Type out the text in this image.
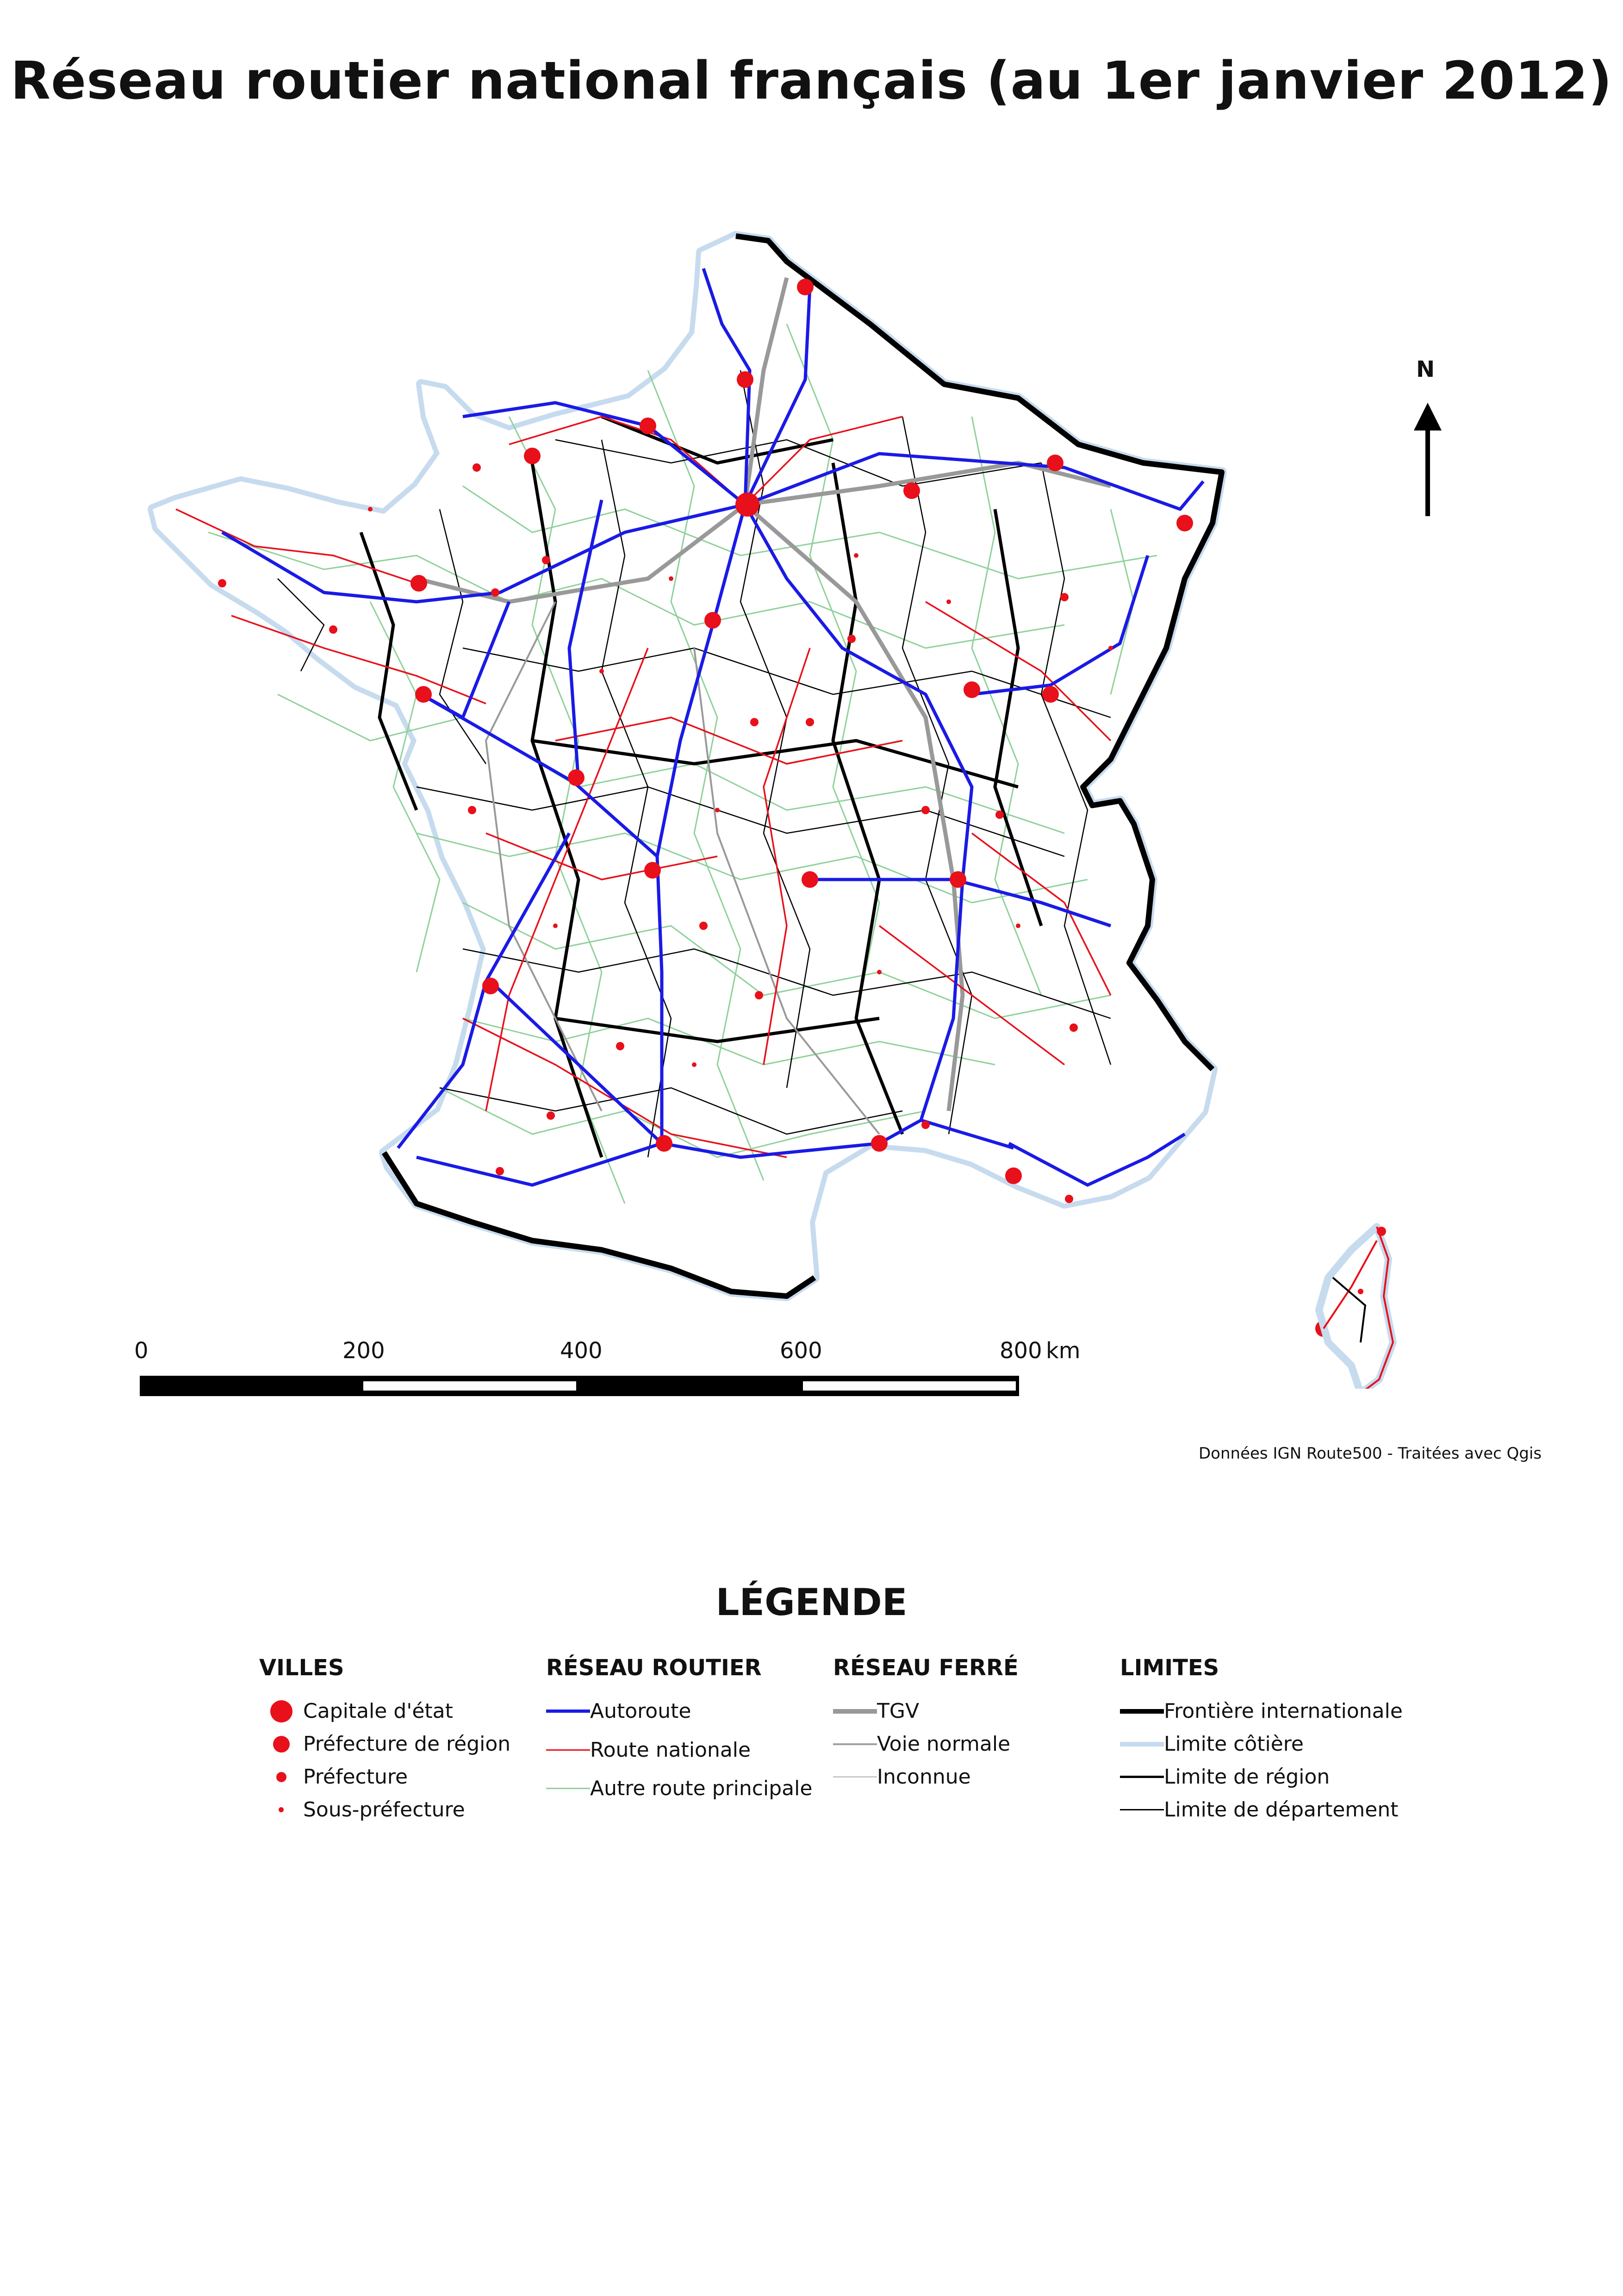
Réseau routier national français (au 1er janvier 2012)
N
0	200	400	600	800 km
Données IGN Route500 - Traitées avec Qgis
LÉGENDE
VILLES
Capitale d'état
Préfecture de région
Préfecture
Sous-préfecture
RÉSEAU ROUTIER
Autoroute
Route nationale
Autre route principale
RÉSEAU FERRÉ
TGV
Voie normale
Inconnue
LIMITES
Frontière internationale
Limite côtière
Limite de région
Limite de département
